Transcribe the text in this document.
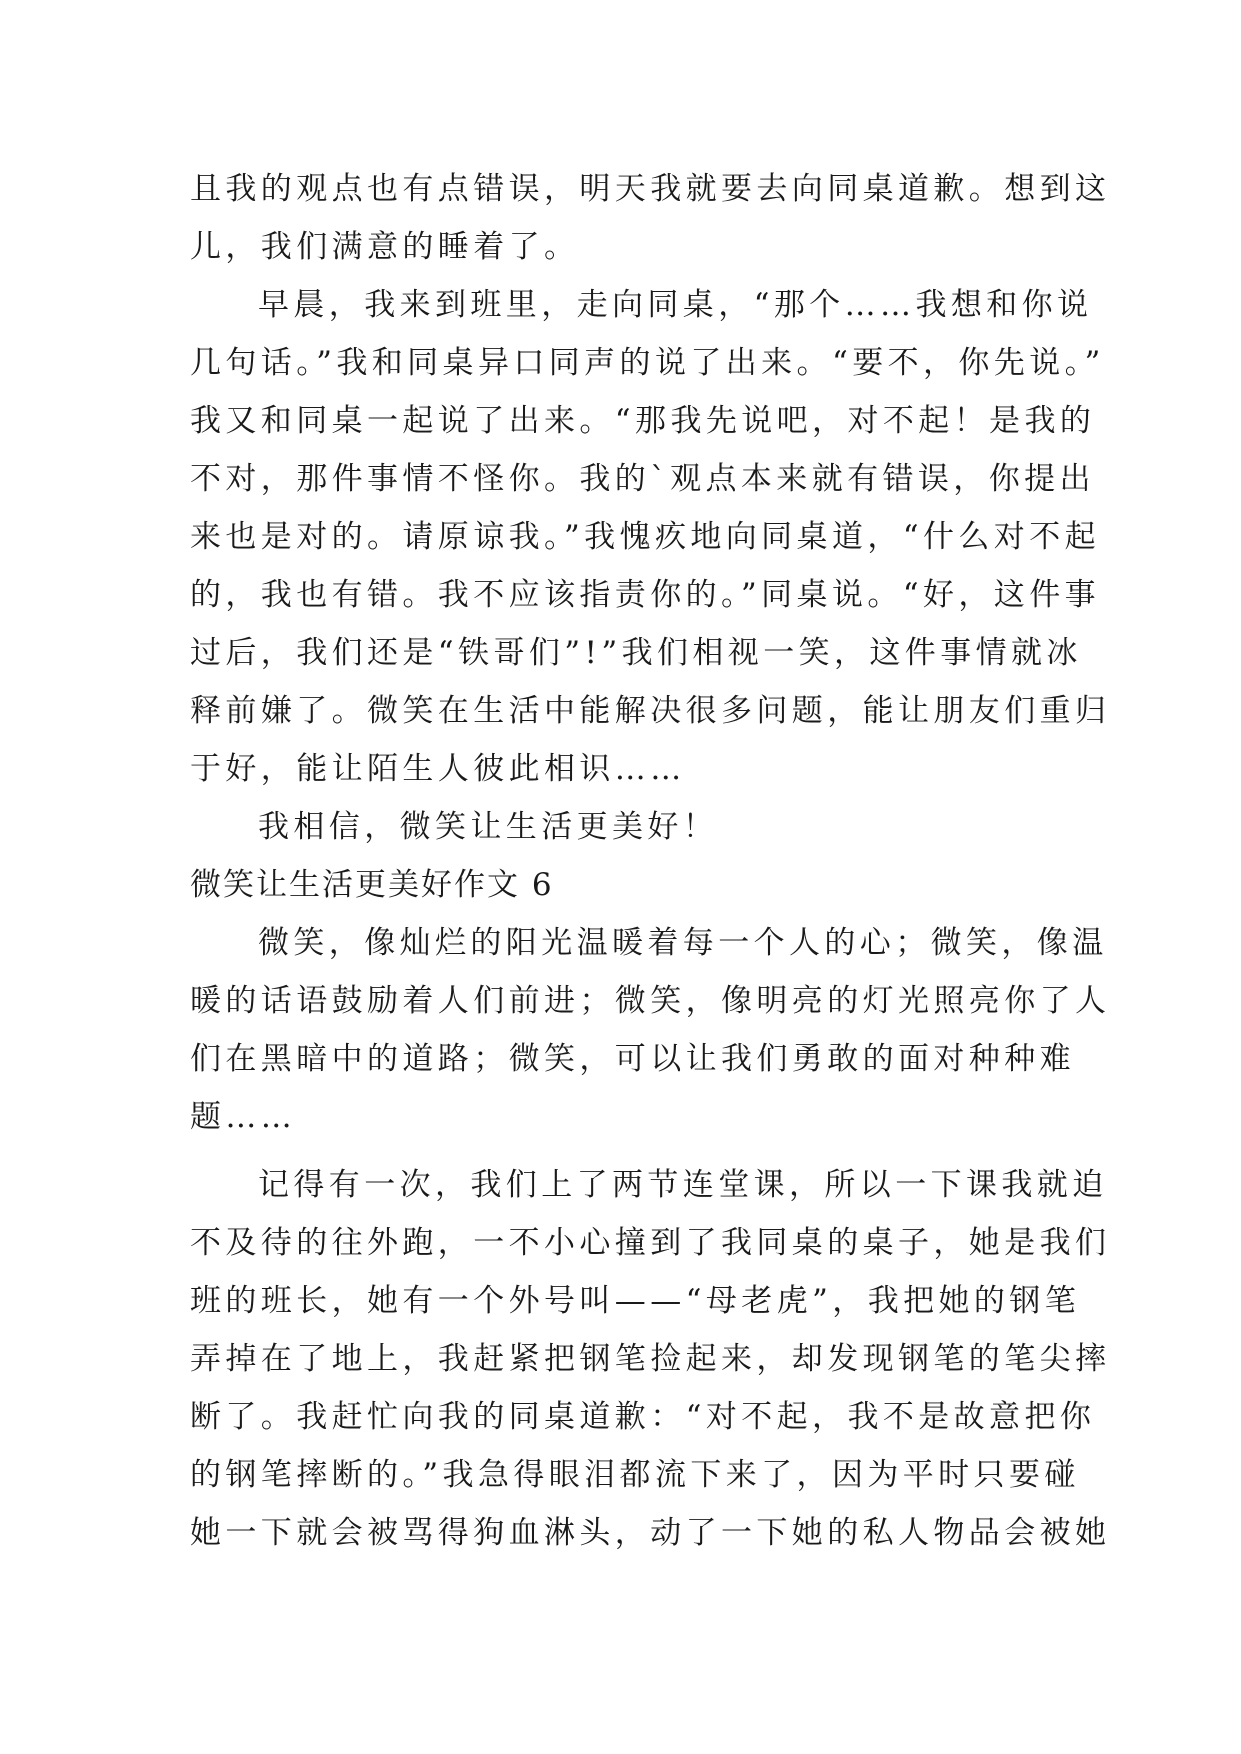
且我的观点也有点错误，明天我就要去向同桌道歉。想到这
儿，我们满意的睡着了。
早晨，我来到班里，走向同桌，“那个……我想和你说
几句话。”我和同桌异口同声的说了出来。“要不，你先说。”
我又和同桌一起说了出来。“那我先说吧，对不起！是我的
不对，那件事情不怪你。我的`观点本来就有错误，你提出
来也是对的。请原谅我。”我愧疚地向同桌道，“什么对不起
的，我也有错。我不应该指责你的。”同桌说。“好，这件事
过后，我们还是“铁哥们”!”我们相视一笑，这件事情就冰
释前嫌了。微笑在生活中能解决很多问题，能让朋友们重归
于好，能让陌生人彼此相识……
我相信，微笑让生活更美好！
微笑让生活更美好作文 6
微笑，像灿烂的阳光温暖着每一个人的心；微笑，像温
暖的话语鼓励着人们前进；微笑，像明亮的灯光照亮你了人
们在黑暗中的道路；微笑，可以让我们勇敢的面对种种难
题……
记得有一次，我们上了两节连堂课，所以一下课我就迫
不及待的往外跑，一不小心撞到了我同桌的桌子，她是我们
班的班长，她有一个外号叫——“母老虎”，我把她的钢笔
弄掉在了地上，我赶紧把钢笔捡起来，却发现钢笔的笔尖摔
断了。我赶忙向我的同桌道歉：“对不起，我不是故意把你
的钢笔摔断的。”我急得眼泪都流下来了，因为平时只要碰
她一下就会被骂得狗血淋头，动了一下她的私人物品会被她
